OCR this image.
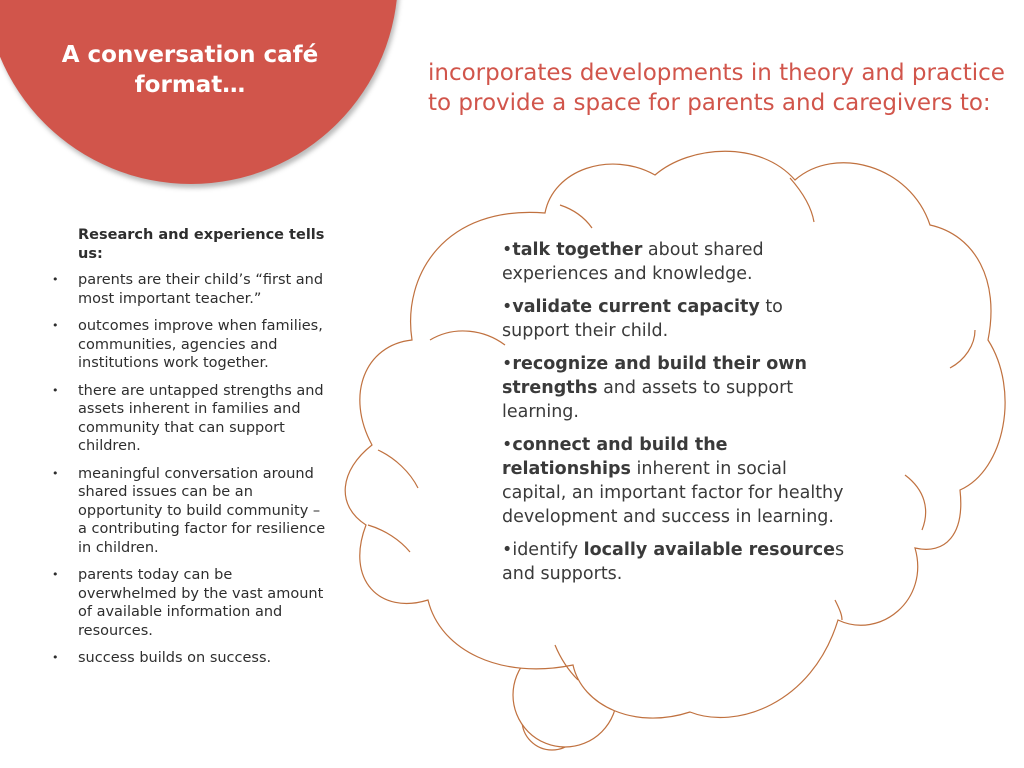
A conversation café format…	incorporates developments in theory and practice to provide a space for parents and caregivers to:

Research and experience tells us:

• parents are their child’s “first and most important teacher.”
• outcomes improve when families, communities, agencies and institutions work together.
• there are untapped strengths and assets inherent in families and community that can support children.
• meaningful conversation around shared issues can be an opportunity to build community – a contributing factor for resilience in children.
• parents today can be overwhelmed by the vast amount of available information and resources.
• success builds on success.
•talk together about shared experiences and knowledge.
•validate current capacity to support their child.
•recognize and build their own strengths and assets to support learning.
•connect and build the relationships inherent in social capital, an important factor for healthy development and success in learning.
•identify locally available resources and supports.
